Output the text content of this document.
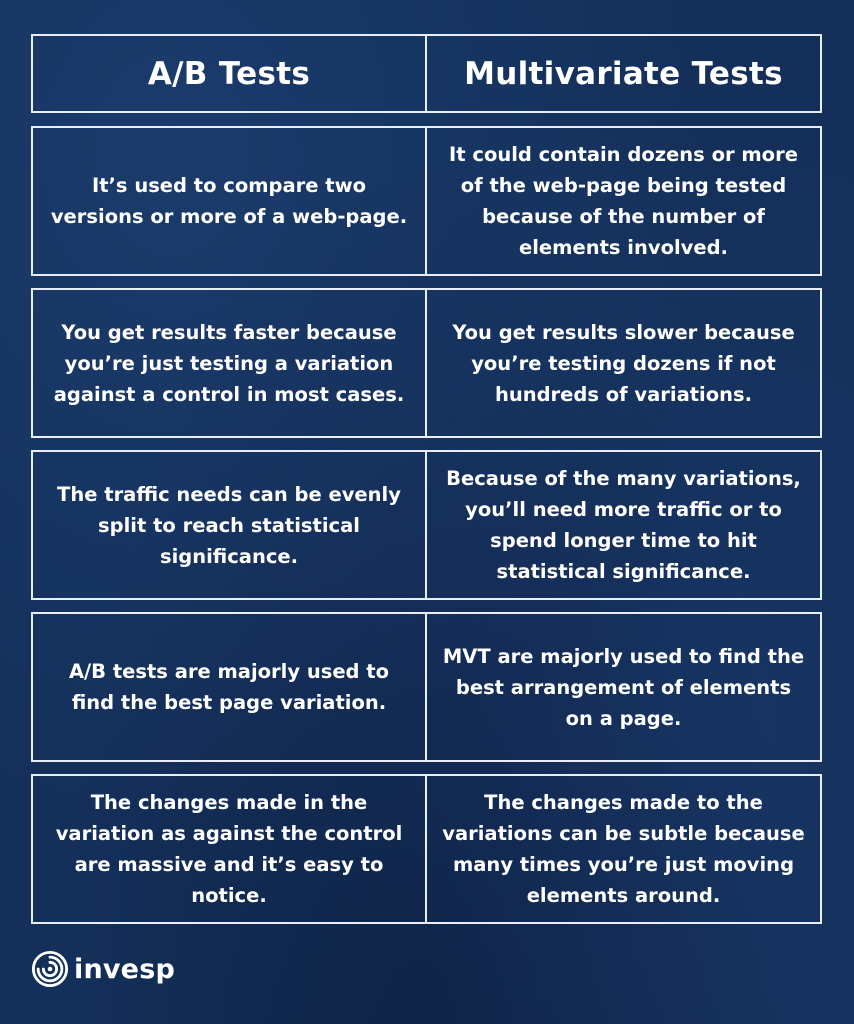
A/B Tests	Multivariate Tests
It’s used to compare two versions or more of a web-page.
It could contain dozens or more of the web-page being tested because of the number of elements involved.
You get results faster because you’re just testing a variation against a control in most cases.
You get results slower because you’re testing dozens if not hundreds of variations.
The traffic needs can be evenly split to reach statistical significance.
Because of the many variations, you’ll need more traffic or to spend longer time to hit statistical significance.
A/B tests are majorly used to find the best page variation.
MVT are majorly used to find the best arrangement of elements on a page.
The changes made in the variation as against the control are massive and it’s easy to notice.
The changes made to the variations can be subtle because many times you’re just moving elements around.
invesp
